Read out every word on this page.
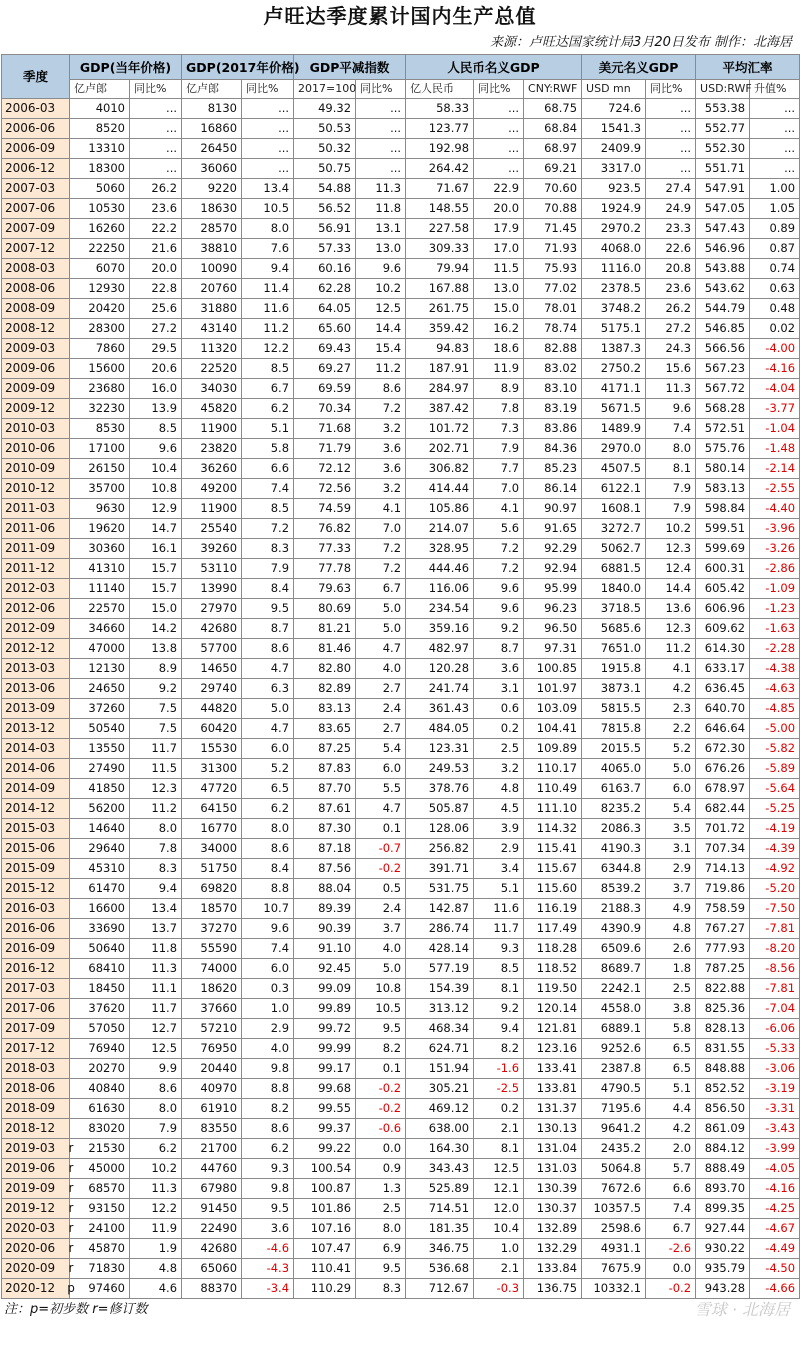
卢旺达季度累计国内生产总值
来源：卢旺达国家统计局3月20日发布 制作：北海居
季度	GDP(当年价格)		GDP(2017年价格)		GDP平减指数		人民币名义GDP			美元名义GDP		平均汇率	
	亿卢郎	同比%	亿卢郎	同比%	2017=100	同比%	亿人民币	同比%	CNY:RWF	USD mn	同比%	USD:RWF	升值%
2006-03	4010	...	8130	...	49.32	...	58.33	...	68.75	724.6	...	553.38	...
2006-06	8520	...	16860	...	50.53	...	123.77	...	68.84	1541.3	...	552.77	...
2006-09	13310	...	26450	...	50.32	...	192.98	...	68.97	2409.9	...	552.30	...
2006-12	18300	...	36060	...	50.75	...	264.42	...	69.21	3317.0	...	551.71	...
2007-03	5060	26.2	9220	13.4	54.88	11.3	71.67	22.9	70.60	923.5	27.4	547.91	1.00
2007-06	10530	23.6	18630	10.5	56.52	11.8	148.55	20.0	70.88	1924.9	24.9	547.05	1.05
2007-09	16260	22.2	28570	8.0	56.91	13.1	227.58	17.9	71.45	2970.2	23.3	547.43	0.89
2007-12	22250	21.6	38810	7.6	57.33	13.0	309.33	17.0	71.93	4068.0	22.6	546.96	0.87
2008-03	6070	20.0	10090	9.4	60.16	9.6	79.94	11.5	75.93	1116.0	20.8	543.88	0.74
2008-06	12930	22.8	20760	11.4	62.28	10.2	167.88	13.0	77.02	2378.5	23.6	543.62	0.63
2008-09	20420	25.6	31880	11.6	64.05	12.5	261.75	15.0	78.01	3748.2	26.2	544.79	0.48
2008-12	28300	27.2	43140	11.2	65.60	14.4	359.42	16.2	78.74	5175.1	27.2	546.85	0.02
2009-03	7860	29.5	11320	12.2	69.43	15.4	94.83	18.6	82.88	1387.3	24.3	566.56	-4.00
2009-06	15600	20.6	22520	8.5	69.27	11.2	187.91	11.9	83.02	2750.2	15.6	567.23	-4.16
2009-09	23680	16.0	34030	6.7	69.59	8.6	284.97	8.9	83.10	4171.1	11.3	567.72	-4.04
2009-12	32230	13.9	45820	6.2	70.34	7.2	387.42	7.8	83.19	5671.5	9.6	568.28	-3.77
2010-03	8530	8.5	11900	5.1	71.68	3.2	101.72	7.3	83.86	1489.9	7.4	572.51	-1.04
2010-06	17100	9.6	23820	5.8	71.79	3.6	202.71	7.9	84.36	2970.0	8.0	575.76	-1.48
2010-09	26150	10.4	36260	6.6	72.12	3.6	306.82	7.7	85.23	4507.5	8.1	580.14	-2.14
2010-12	35700	10.8	49200	7.4	72.56	3.2	414.44	7.0	86.14	6122.1	7.9	583.13	-2.55
2011-03	9630	12.9	11900	8.5	74.59	4.1	105.86	4.1	90.97	1608.1	7.9	598.84	-4.40
2011-06	19620	14.7	25540	7.2	76.82	7.0	214.07	5.6	91.65	3272.7	10.2	599.51	-3.96
2011-09	30360	16.1	39260	8.3	77.33	7.2	328.95	7.2	92.29	5062.7	12.3	599.69	-3.26
2011-12	41310	15.7	53110	7.9	77.78	7.2	444.46	7.2	92.94	6881.5	12.4	600.31	-2.86
2012-03	11140	15.7	13990	8.4	79.63	6.7	116.06	9.6	95.99	1840.0	14.4	605.42	-1.09
2012-06	22570	15.0	27970	9.5	80.69	5.0	234.54	9.6	96.23	3718.5	13.6	606.96	-1.23
2012-09	34660	14.2	42680	8.7	81.21	5.0	359.16	9.2	96.50	5685.6	12.3	609.62	-1.63
2012-12	47000	13.8	57700	8.6	81.46	4.7	482.97	8.7	97.31	7651.0	11.2	614.30	-2.28
2013-03	12130	8.9	14650	4.7	82.80	4.0	120.28	3.6	100.85	1915.8	4.1	633.17	-4.38
2013-06	24650	9.2	29740	6.3	82.89	2.7	241.74	3.1	101.97	3873.1	4.2	636.45	-4.63
2013-09	37260	7.5	44820	5.0	83.13	2.4	361.43	0.6	103.09	5815.5	2.3	640.70	-4.85
2013-12	50540	7.5	60420	4.7	83.65	2.7	484.05	0.2	104.41	7815.8	2.2	646.64	-5.00
2014-03	13550	11.7	15530	6.0	87.25	5.4	123.31	2.5	109.89	2015.5	5.2	672.30	-5.82
2014-06	27490	11.5	31300	5.2	87.83	6.0	249.53	3.2	110.17	4065.0	5.0	676.26	-5.89
2014-09	41850	12.3	47720	6.5	87.70	5.5	378.76	4.8	110.49	6163.7	6.0	678.97	-5.64
2014-12	56200	11.2	64150	6.2	87.61	4.7	505.87	4.5	111.10	8235.2	5.4	682.44	-5.25
2015-03	14640	8.0	16770	8.0	87.30	0.1	128.06	3.9	114.32	2086.3	3.5	701.72	-4.19
2015-06	29640	7.8	34000	8.6	87.18	-0.7	256.82	2.9	115.41	4190.3	3.1	707.34	-4.39
2015-09	45310	8.3	51750	8.4	87.56	-0.2	391.71	3.4	115.67	6344.8	2.9	714.13	-4.92
2015-12	61470	9.4	69820	8.8	88.04	0.5	531.75	5.1	115.60	8539.2	3.7	719.86	-5.20
2016-03	16600	13.4	18570	10.7	89.39	2.4	142.87	11.6	116.19	2188.3	4.9	758.59	-7.50
2016-06	33690	13.7	37270	9.6	90.39	3.7	286.74	11.7	117.49	4390.9	4.8	767.27	-7.81
2016-09	50640	11.8	55590	7.4	91.10	4.0	428.14	9.3	118.28	6509.6	2.6	777.93	-8.20
2016-12	68410	11.3	74000	6.0	92.45	5.0	577.19	8.5	118.52	8689.7	1.8	787.25	-8.56
2017-03	18450	11.1	18620	0.3	99.09	10.8	154.39	8.1	119.50	2242.1	2.5	822.88	-7.81
2017-06	37620	11.7	37660	1.0	99.89	10.5	313.12	9.2	120.14	4558.0	3.8	825.36	-7.04
2017-09	57050	12.7	57210	2.9	99.72	9.5	468.34	9.4	121.81	6889.1	5.8	828.13	-6.06
2017-12	76940	12.5	76950	4.0	99.99	8.2	624.71	8.2	123.16	9252.6	6.5	831.55	-5.33
2018-03	20270	9.9	20440	9.8	99.17	0.1	151.94	-1.6	133.41	2387.8	6.5	848.88	-3.06
2018-06	40840	8.6	40970	8.8	99.68	-0.2	305.21	-2.5	133.81	4790.5	5.1	852.52	-3.19
2018-09	61630	8.0	61910	8.2	99.55	-0.2	469.12	0.2	131.37	7195.6	4.4	856.50	-3.31
2018-12	83020	7.9	83550	8.6	99.37	-0.6	638.00	2.1	130.13	9641.2	4.2	861.09	-3.43
2019-03 r	21530	6.2	21700	6.2	99.22	0.0	164.30	8.1	131.04	2435.2	2.0	884.12	-3.99
2019-06 r	45000	10.2	44760	9.3	100.54	0.9	343.43	12.5	131.03	5064.8	5.7	888.49	-4.05
2019-09 r	68570	11.3	67980	9.8	100.87	1.3	525.89	12.1	130.39	7672.6	6.6	893.70	-4.16
2019-12 r	93150	12.2	91450	9.5	101.86	2.5	714.51	12.0	130.37	10357.5	7.4	899.35	-4.25
2020-03 r	24100	11.9	22490	3.6	107.16	8.0	181.35	10.4	132.89	2598.6	6.7	927.44	-4.67
2020-06 r	45870	1.9	42680	-4.6	107.47	6.9	346.75	1.0	132.29	4931.1	-2.6	930.22	-4.49
2020-09 r	71830	4.8	65060	-4.3	110.41	9.5	536.68	2.1	133.84	7675.9	0.0	935.79	-4.50
2020-12 p	97460	4.6	88370	-3.4	110.29	8.3	712.67	-0.3	136.75	10332.1	-0.2	943.28	-4.66
注：p=初步数 r=修订数	雪球 · 北海居
